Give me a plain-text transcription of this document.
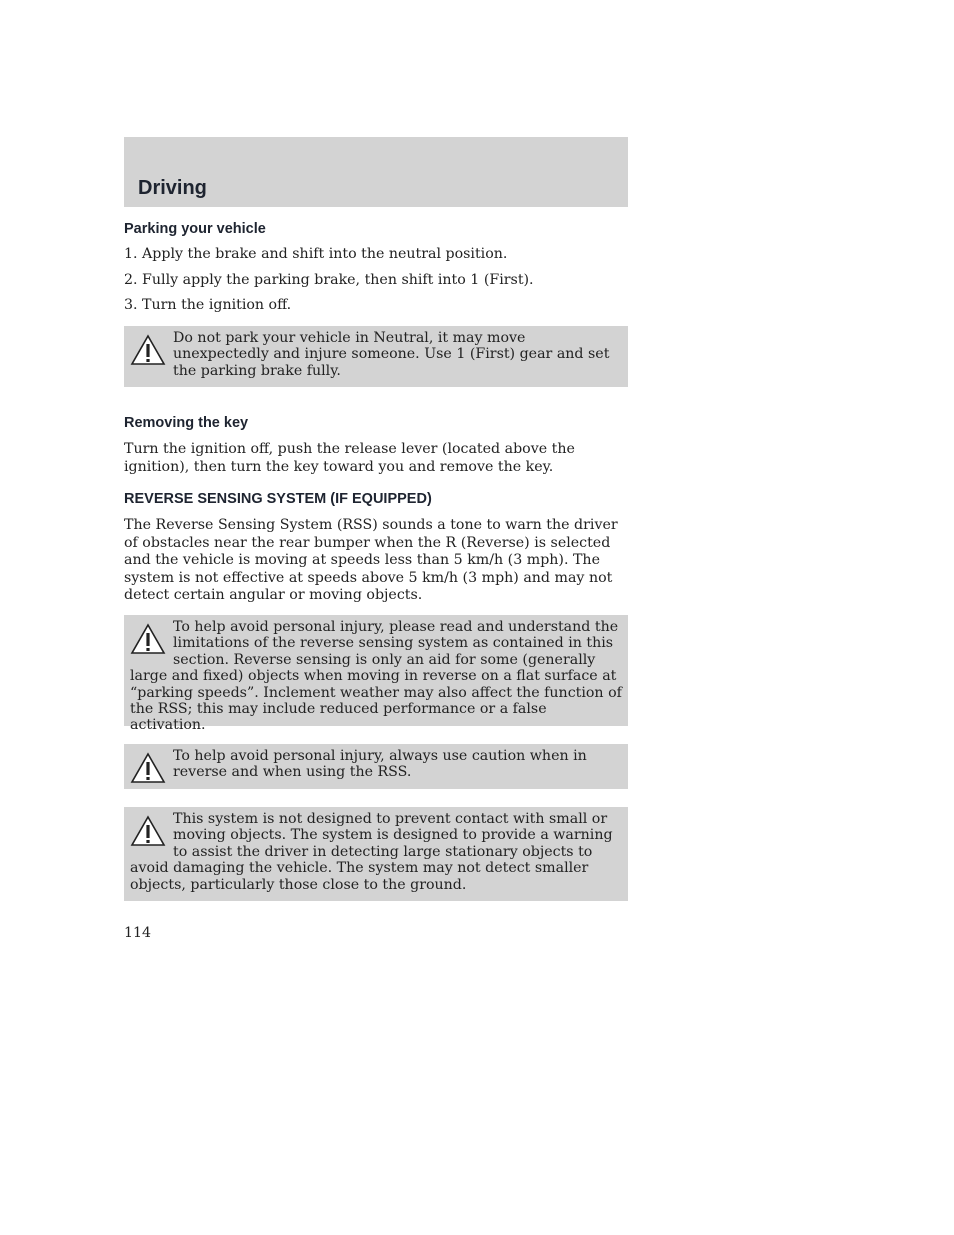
Driving
Parking your vehicle

1. Apply the brake and shift into the neutral position.

2. Fully apply the parking brake, then shift into 1 (First).

3. Turn the ignition off.

Do not park your vehicle in Neutral, it may move unexpectedly and injure someone. Use 1 (First) gear and set the parking brake fully.

Removing the key

Turn the ignition off, push the release lever (located above the ignition), then turn the key toward you and remove the key.

REVERSE SENSING SYSTEM (IF EQUIPPED)

The Reverse Sensing System (RSS) sounds a tone to warn the driver of obstacles near the rear bumper when the R (Reverse) is selected and the vehicle is moving at speeds less than 5 km/h (3 mph). The system is not effective at speeds above 5 km/h (3 mph) and may not detect certain angular or moving objects.

To help avoid personal injury, please read and understand the limitations of the reverse sensing system as contained in this section. Reverse sensing is only an aid for some (generally large and fixed) objects when moving in reverse on a flat surface at “parking speeds”. Inclement weather may also affect the function of the RSS; this may include reduced performance or a false activation.

To help avoid personal injury, always use caution when in reverse and when using the RSS.

This system is not designed to prevent contact with small or moving objects. The system is designed to provide a warning to assist the driver in detecting large stationary objects to avoid damaging the vehicle. The system may not detect smaller objects, particularly those close to the ground.

114
